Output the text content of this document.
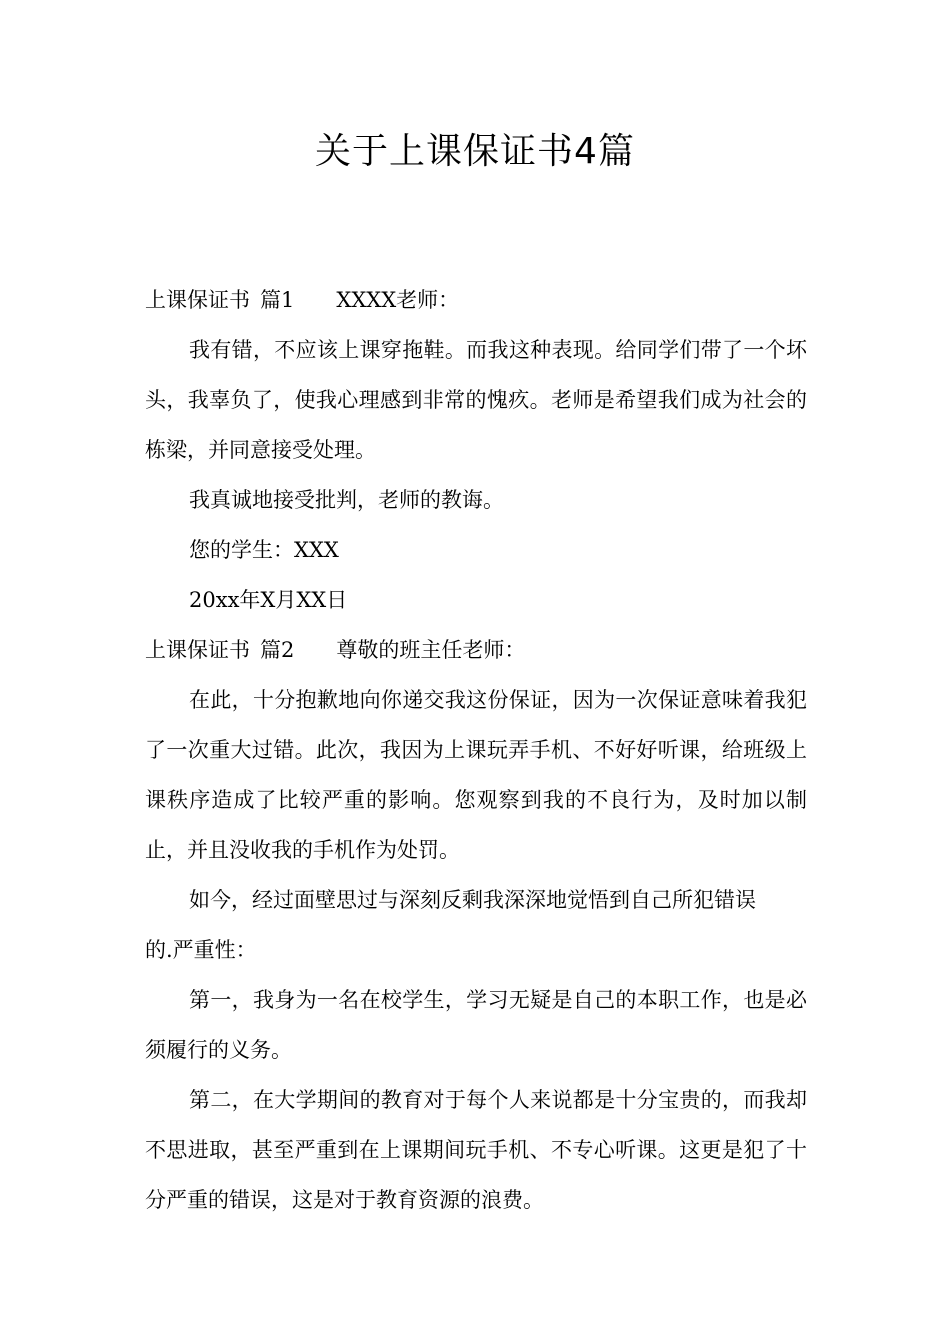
关于上课保证书4篇

上课保证书 篇1 XXXX老师：

我有错，不应该上课穿拖鞋。而我这种表现。给同学们带了一个坏头，我辜负了，使我心理感到非常的愧疚。老师是希望我们成为社会的栋梁，并同意接受处理。

我真诚地接受批判，老师的教诲。

您的学生：XXX

20xx年X月XX日

上课保证书 篇2 尊敬的班主任老师：

在此，十分抱歉地向你递交我这份保证，因为一次保证意味着我犯了一次重大过错。此次，我因为上课玩弄手机、不好好听课，给班级上课秩序造成了比较严重的影响。您观察到我的不良行为，及时加以制止，并且没收我的手机作为处罚。

如今，经过面壁思过与深刻反剩我深深地觉悟到自己所犯错误

的.严重性：

第一，我身为一名在校学生，学习无疑是自己的本职工作，也是必须履行的义务。

第二，在大学期间的教育对于每个人来说都是十分宝贵的，而我却不思进取，甚至严重到在上课期间玩手机、不专心听课。这更是犯了十分严重的错误，这是对于教育资源的浪费。
